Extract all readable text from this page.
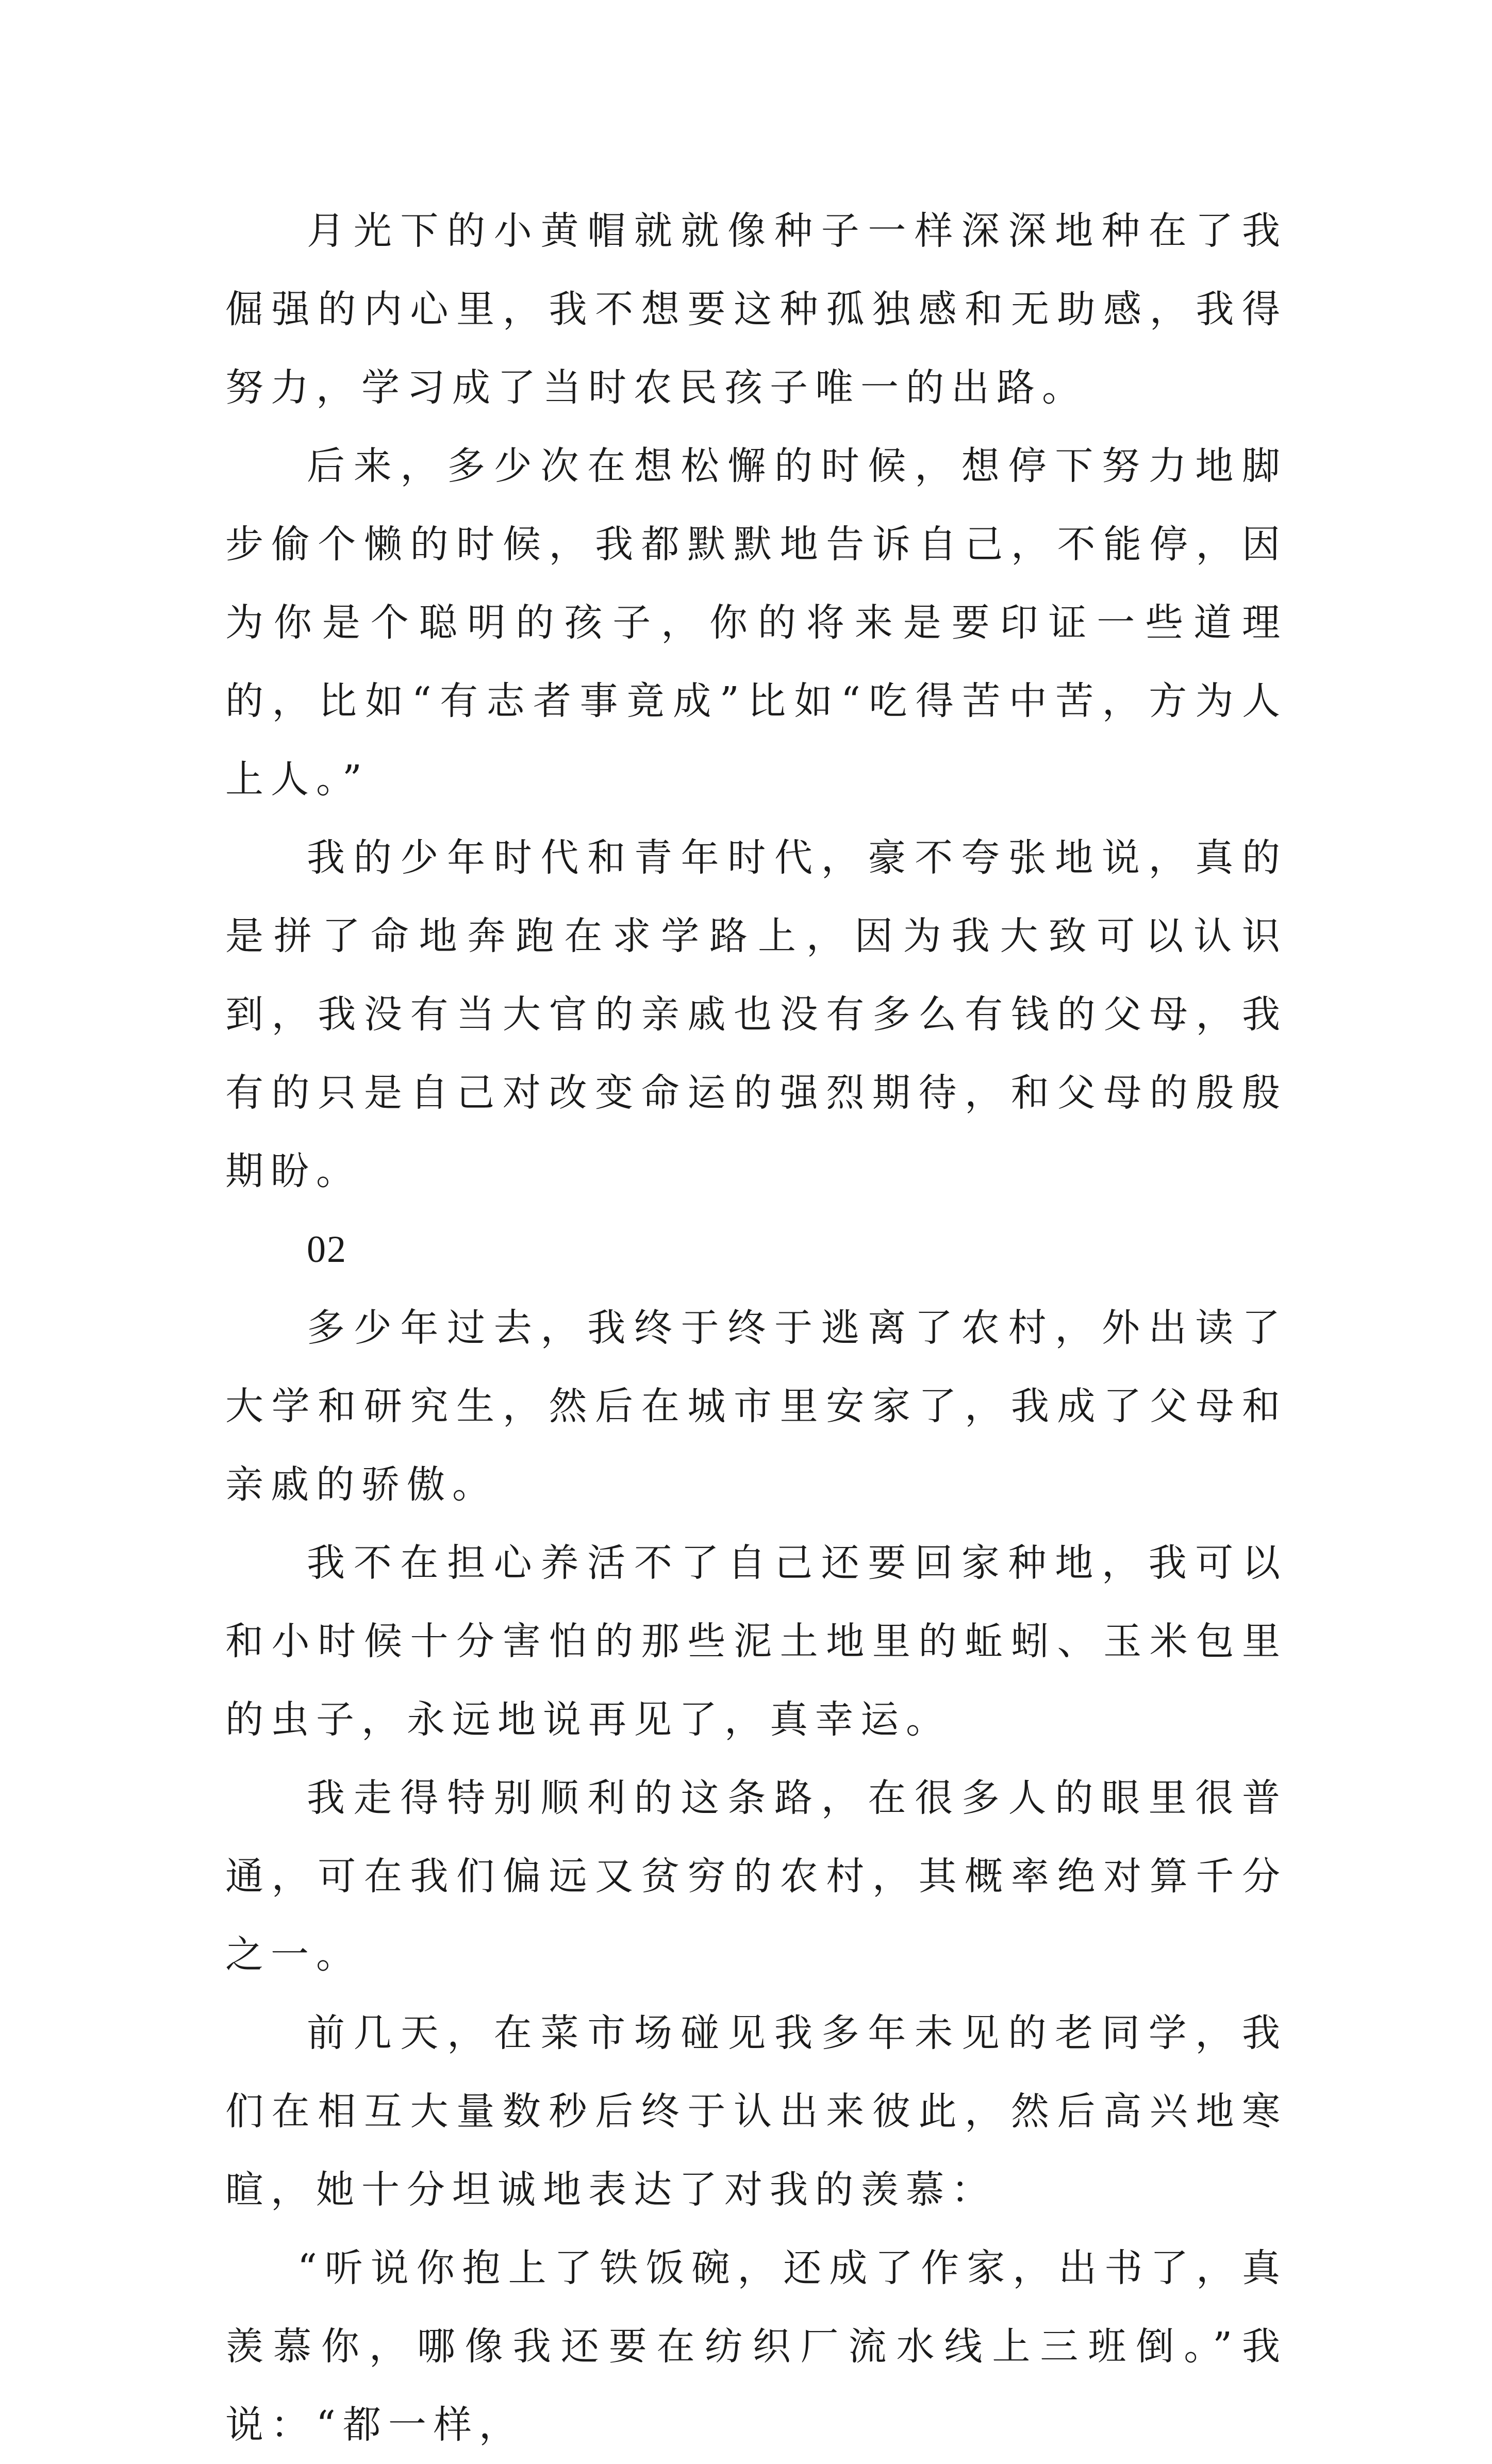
月光下的小黄帽就就像种子一样深深地种在了我倔强的内心里，我不想要这种孤独感和无助感，我得努力，学习成了当时农民孩子唯一的出路。

后来，多少次在想松懈的时候，想停下努力地脚步偷个懒的时候，我都默默地告诉自己，不能停，因为你是个聪明的孩子，你的将来是要印证一些道理的，比如“有志者事竟成”比如“吃得苦中苦，方为人上人。”

我的少年时代和青年时代，豪不夸张地说，真的是拼了命地奔跑在求学路上，因为我大致可以认识到，我没有当大官的亲戚也没有多么有钱的父母，我有的只是自己对改变命运的强烈期待，和父母的殷殷期盼。

02

多少年过去，我终于终于逃离了农村，外出读了大学和研究生，然后在城市里安家了，我成了父母和亲戚的骄傲。

我不在担心养活不了自己还要回家种地，我可以和小时候十分害怕的那些泥土地里的蚯蚓、玉米包里的虫子，永远地说再见了，真幸运。

我走得特别顺利的这条路，在很多人的眼里很普通，可在我们偏远又贫穷的农村，其概率绝对算千分之一。

前几天，在菜市场碰见我多年未见的老同学，我们在相互大量数秒后终于认出来彼此，然后高兴地寒暄，她十分坦诚地表达了对我的羡慕：

“听说你抱上了铁饭碗，还成了作家，出书了，真羡慕你，哪像我还要在纺织厂流水线上三班倒。”我说：“都一样，
